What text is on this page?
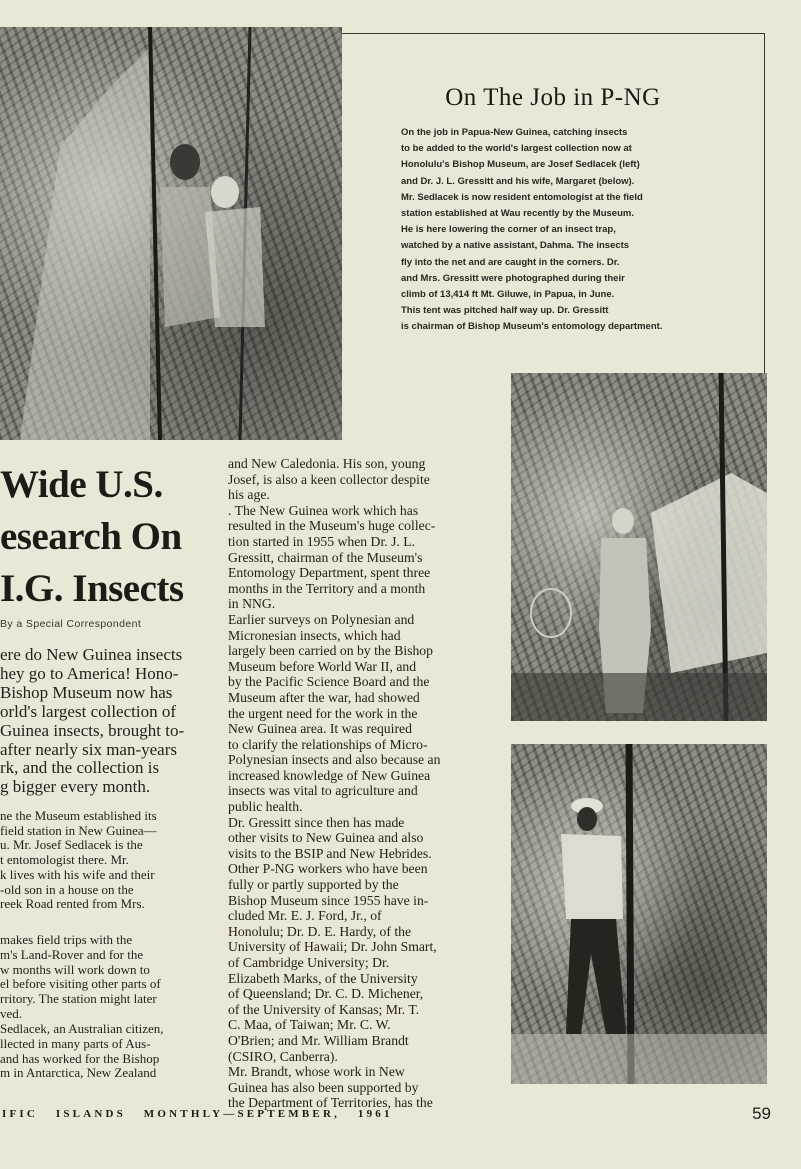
On The Job in P-NG
On the job in Papua-New Guinea, catching insects
to be added to the world's largest collection now at
Honolulu's Bishop Museum, are Josef Sedlacek (left)
and Dr. J. L. Gressitt and his wife, Margaret (below).
Mr. Sedlacek is now resident entomologist at the field
station established at Wau recently by the Museum.
He is here lowering the corner of an insect trap,
watched by a native assistant, Dahma. The insects
fly into the net and are caught in the corners. Dr.
and Mrs. Gressitt were photographed during their
climb of 13,414 ft Mt. Giluwe, in Papua, in June.
This tent was pitched half way up. Dr. Gressitt
is chairman of Bishop Museum's entomology department.
Wide U.S.
esearch On
I.G. Insects
By a Special Correspondent

ere do New Guinea insects

hey go to America! Hono-

Bishop Museum now has

orld's largest collection of

Guinea insects, brought to-

after nearly six man-years

rk, and the collection is

g bigger every month.

ne the Museum established its

field station in New Guinea—

u. Mr. Josef Sedlacek is the

t entomologist there. Mr.

k lives with his wife and their

-old son in a house on the

reek Road rented from Mrs.

makes field trips with the

m's Land-Rover and for the

w months will work down to

el before visiting other parts of

rritory. The station might later

ved.

Sedlacek, an Australian citizen,

llected in many parts of Aus-

and has worked for the Bishop

m in Antarctica, New Zealand

and New Caledonia. His son, young

Josef, is also a keen collector despite

his age.

. The New Guinea work which has

resulted in the Museum's huge collec-

tion started in 1955 when Dr. J. L.

Gressitt, chairman of the Museum's

Entomology Department, spent three

months in the Territory and a month

in NNG.

Earlier surveys on Polynesian and

Micronesian insects, which had

largely been carried on by the Bishop

Museum before World War II, and

by the Pacific Science Board and the

Museum after the war, had showed

the urgent need for the work in the

New Guinea area. It was required

to clarify the relationships of Micro-

Polynesian insects and also because an

increased knowledge of New Guinea

insects was vital to agriculture and

public health.

Dr. Gressitt since then has made

other visits to New Guinea and also

visits to the BSIP and New Hebrides.

Other P-NG workers who have been

fully or partly supported by the

Bishop Museum since 1955 have in-

cluded Mr. E. J. Ford, Jr., of

Honolulu; Dr. D. E. Hardy, of the

University of Hawaii; Dr. John Smart,

of Cambridge University; Dr.

Elizabeth Marks, of the University

of Queensland; Dr. C. D. Michener,

of the University of Kansas; Mr. T.

C. Maa, of Taiwan; Mr. C. W.

O'Brien; and Mr. William Brandt

(CSIRO, Canberra).

Mr. Brandt, whose work in New

Guinea has also been supported by

the Department of Territories, has the

IFIC   ISLANDS   MONTHLY—SEPTEMBER,   1961	59
